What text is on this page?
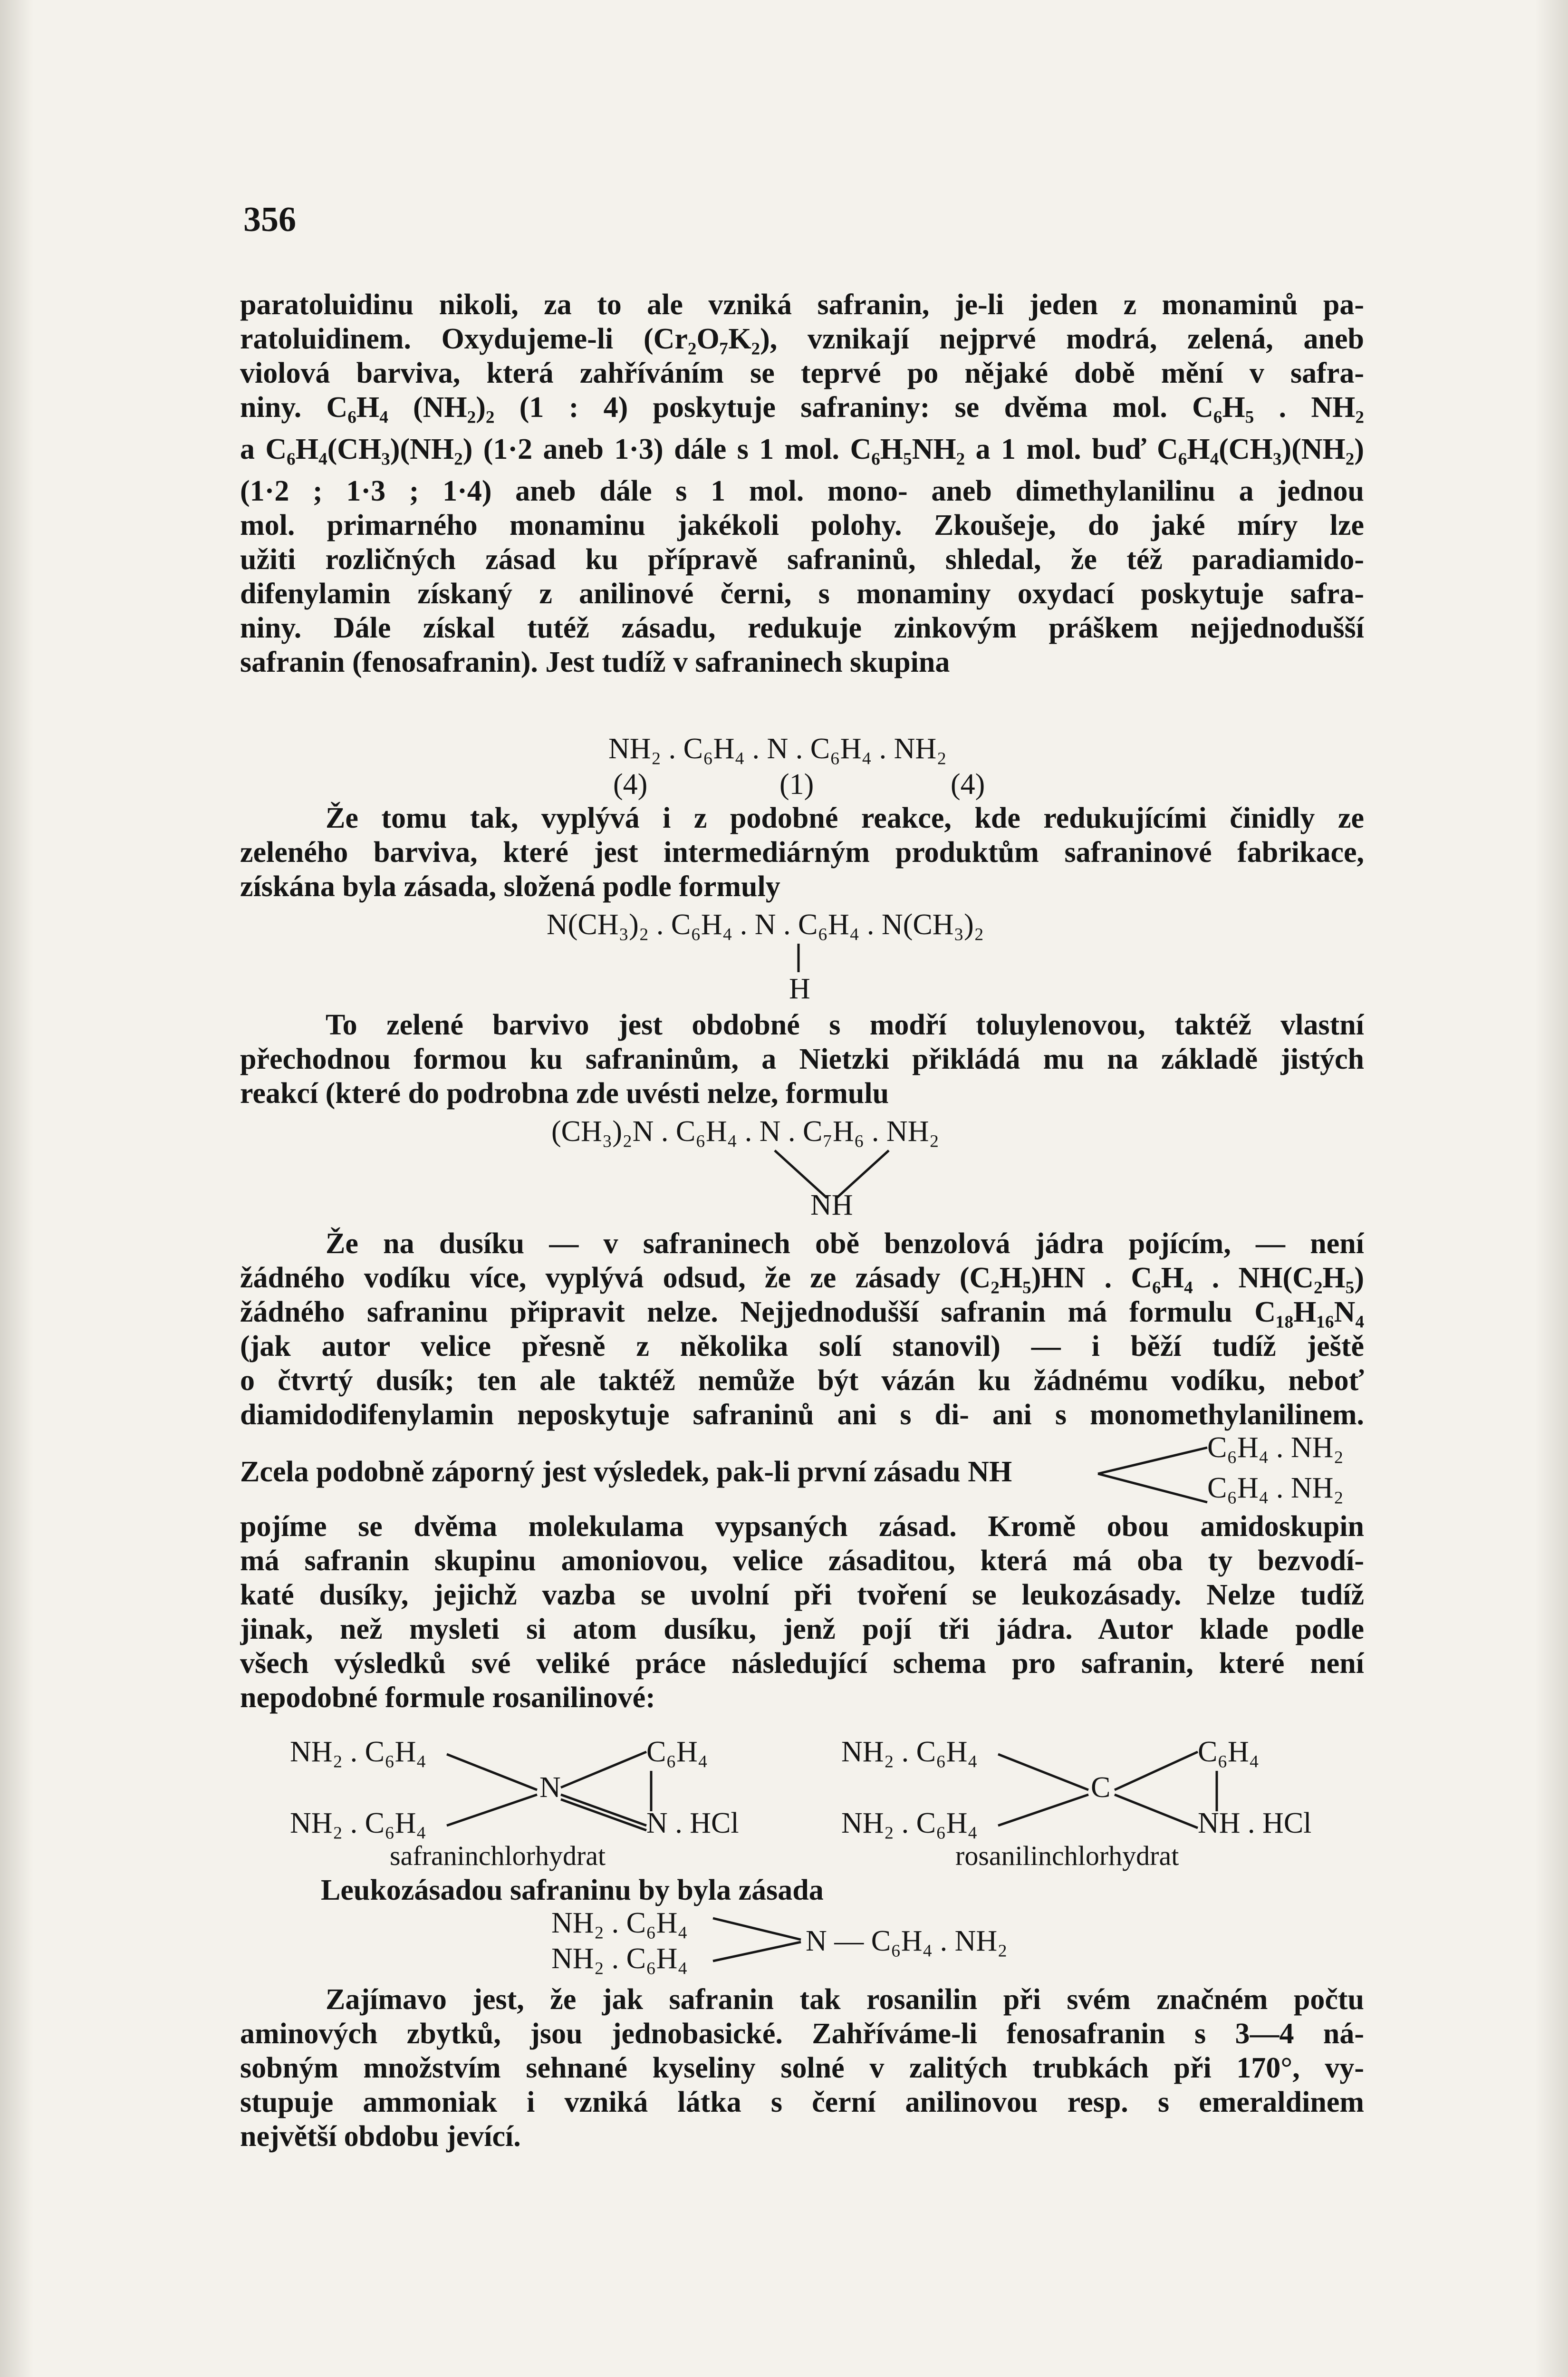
356
paratoluidinu nikoli, za to ale vzniká safranin, je-li jeden z monaminů pa-
ratoluidinem. Oxydujeme-li (Cr₂O₇K₂), vznikají nejprvé modrá, zelená, aneb
violová barviva, která zahříváním se teprvé po nějaké době mění v safra-
niny. C₆H₄ (NH₂)₂ (1 : 4) poskytuje safraniny: se dvěma mol. C₆H₅ . NH₂
a C₆H₄(CH₃)(NH₂) (1·2 aneb 1·3) dále s 1 mol. C₆H₅NH₂ a 1 mol. buď C₆H₄(CH₃)(NH₂)
(1·2 ; 1·3 ; 1·4) aneb dále s 1 mol. mono- aneb dimethylanilinu a jednou
mol. primarného monaminu jakékoli polohy. Zkoušeje, do jaké míry lze
užiti rozličných zásad ku přípravě safraninů, shledal, že též paradiamido-
difenylamin získaný z anilinové černi, s monaminy oxydací poskytuje safra-
niny. Dále získal tutéž zásadu, redukuje zinkovým práškem nejjednodušší
safranin (fenosafranin). Jest tudíž v safraninech skupina
NH₂ . C₆H₄ . N . C₆H₄ . NH₂
(4)	(1)	(4)
Že tomu tak, vyplývá i z podobné reakce, kde redukujícími činidly ze
zeleného barviva, které jest intermediárným produktům safraninové fabrikace,
získána byla zásada, složená podle formuly
N(CH₃)₂ . C₆H₄ . N . C₆H₄ . N(CH₃)₂
H
To zelené barvivo jest obdobné s modří toluylenovou, taktéž vlastní
přechodnou formou ku safraninům, a Nietzki přikládá mu na základě jistých
reakcí (které do podrobna zde uvésti nelze, formulu
(CH₃)₂N . C₆H₄ . N . C₇H₆ . NH₂
NH
Že na dusíku — v safraninech obě benzolová jádra pojícím, — není
žádného vodíku více, vyplývá odsud, že ze zásady (C₂H₅)HN . C₆H₄ . NH(C₂H₅)
žádného safraninu připravit nelze. Nejjednodušší safranin má formulu C₁₈H₁₆N₄
(jak autor velice přesně z několika solí stanovil) — i běží tudíž ještě
o čtvrtý dusík; ten ale taktéž nemůže být vázán ku žádnému vodíku, neboť
diamidodifenylamin neposkytuje safraninů ani s di- ani s monomethylanilinem.
Zcela podobně záporný jest výsledek, pak-li první zásadu NH
C₆H₄ . NH₂
C₆H₄ . NH₂
pojíme se dvěma molekulama vypsaných zásad. Kromě obou amidoskupin
má safranin skupinu amoniovou, velice zásaditou, která má oba ty bezvodí-
katé dusíky, jejichž vazba se uvolní při tvoření se leukozásady. Nelze tudíž
jinak, než mysleti si atom dusíku, jenž pojí tři jádra. Autor klade podle
všech výsledků své veliké práce následující schema pro safranin, které není
nepodobné formule rosanilinové:
NH₂ . C₆H₄
NH₂ . C₆H₄
N
C₆H₄
N . HCl
safraninchlorhydrat
NH₂ . C₆H₄
NH₂ . C₆H₄
C
C₆H₄
NH . HCl
rosanilinchlorhydrat
Leukozásadou safraninu by byla zásada
NH₂ . C₆H₄
NH₂ . C₆H₄
N — C₆H₄ . NH₂
Zajímavo jest, že jak safranin tak rosanilin při svém značném počtu
aminových zbytků, jsou jednobasické. Zahříváme-li fenosafranin s 3—4 ná-
sobným množstvím sehnané kyseliny solné v zalitých trubkách při 170°, vy-
stupuje ammoniak i vzniká látka s černí anilinovou resp. s emeraldinem
největší obdobu jevící.
